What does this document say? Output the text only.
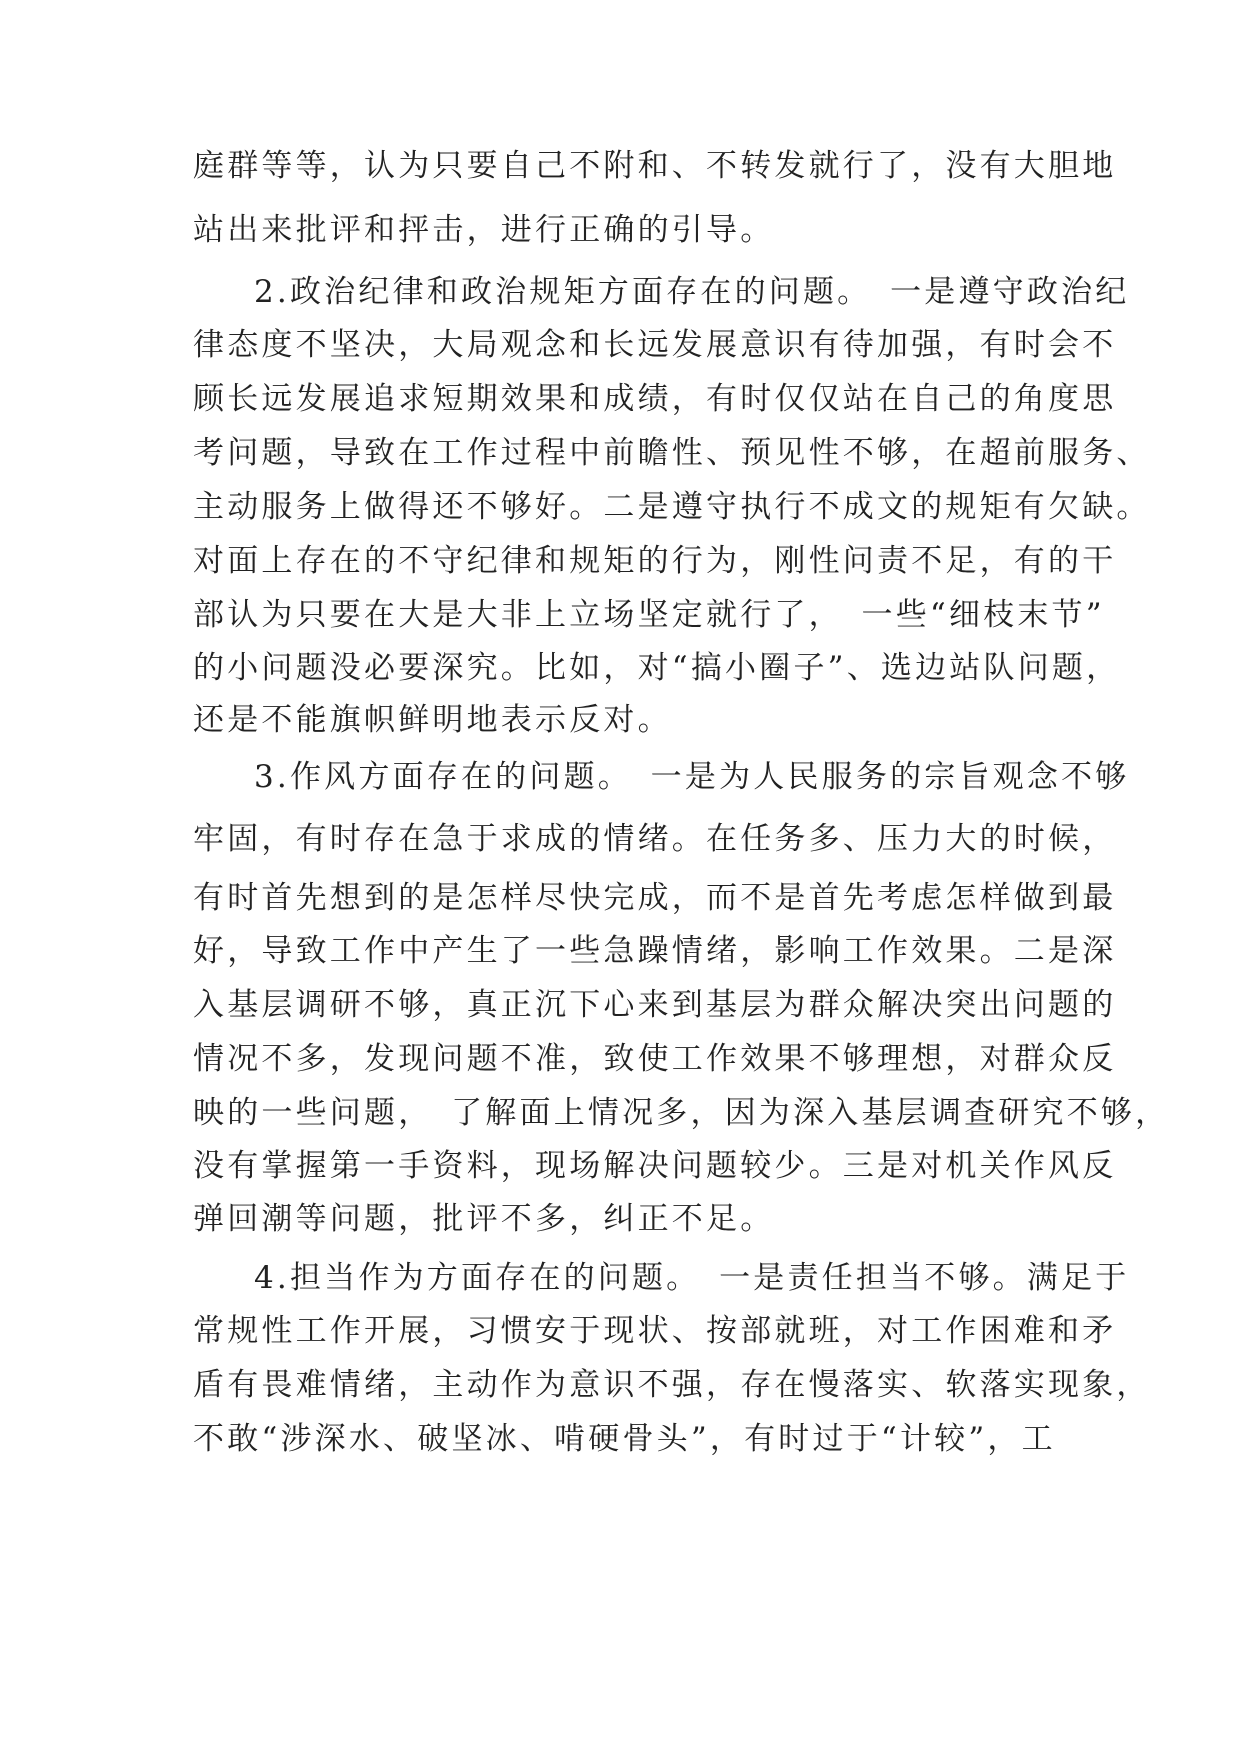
庭群等等，认为只要自己不附和、不转发就行了，没有大胆地
站出来批评和抨击，进行正确的引导。
2.政治纪律和政治规矩方面存在的问题。　一是遵守政治纪
律态度不坚决，大局观念和长远发展意识有待加强，有时会不
顾长远发展追求短期效果和成绩，有时仅仅站在自己的角度思
考问题，导致在工作过程中前瞻性、预见性不够，在超前服务、
主动服务上做得还不够好。二是遵守执行不成文的规矩有欠缺。
对面上存在的不守纪律和规矩的行为，刚性问责不足，有的干
部认为只要在大是大非上立场坚定就行了，　一些“细枝末节”
的小问题没必要深究。比如，对“搞小圈子”、选边站队问题，
还是不能旗帜鲜明地表示反对。
3.作风方面存在的问题。　一是为人民服务的宗旨观念不够
牢固，有时存在急于求成的情绪。在任务多、压力大的时候，
有时首先想到的是怎样尽快完成，而不是首先考虑怎样做到最
好，导致工作中产生了一些急躁情绪，影响工作效果。二是深
入基层调研不够，真正沉下心来到基层为群众解决突出问题的
情况不多，发现问题不准，致使工作效果不够理想，对群众反
映的一些问题，　了解面上情况多，因为深入基层调查研究不够，
没有掌握第一手资料，现场解决问题较少。三是对机关作风反
弹回潮等问题，批评不多，纠正不足。
4.担当作为方面存在的问题。　一是责任担当不够。满足于
常规性工作开展，习惯安于现状、按部就班，对工作困难和矛
盾有畏难情绪，主动作为意识不强，存在慢落实、软落实现象，
不敢“涉深水、破坚冰、啃硬骨头”，有时过于“计较”，工
